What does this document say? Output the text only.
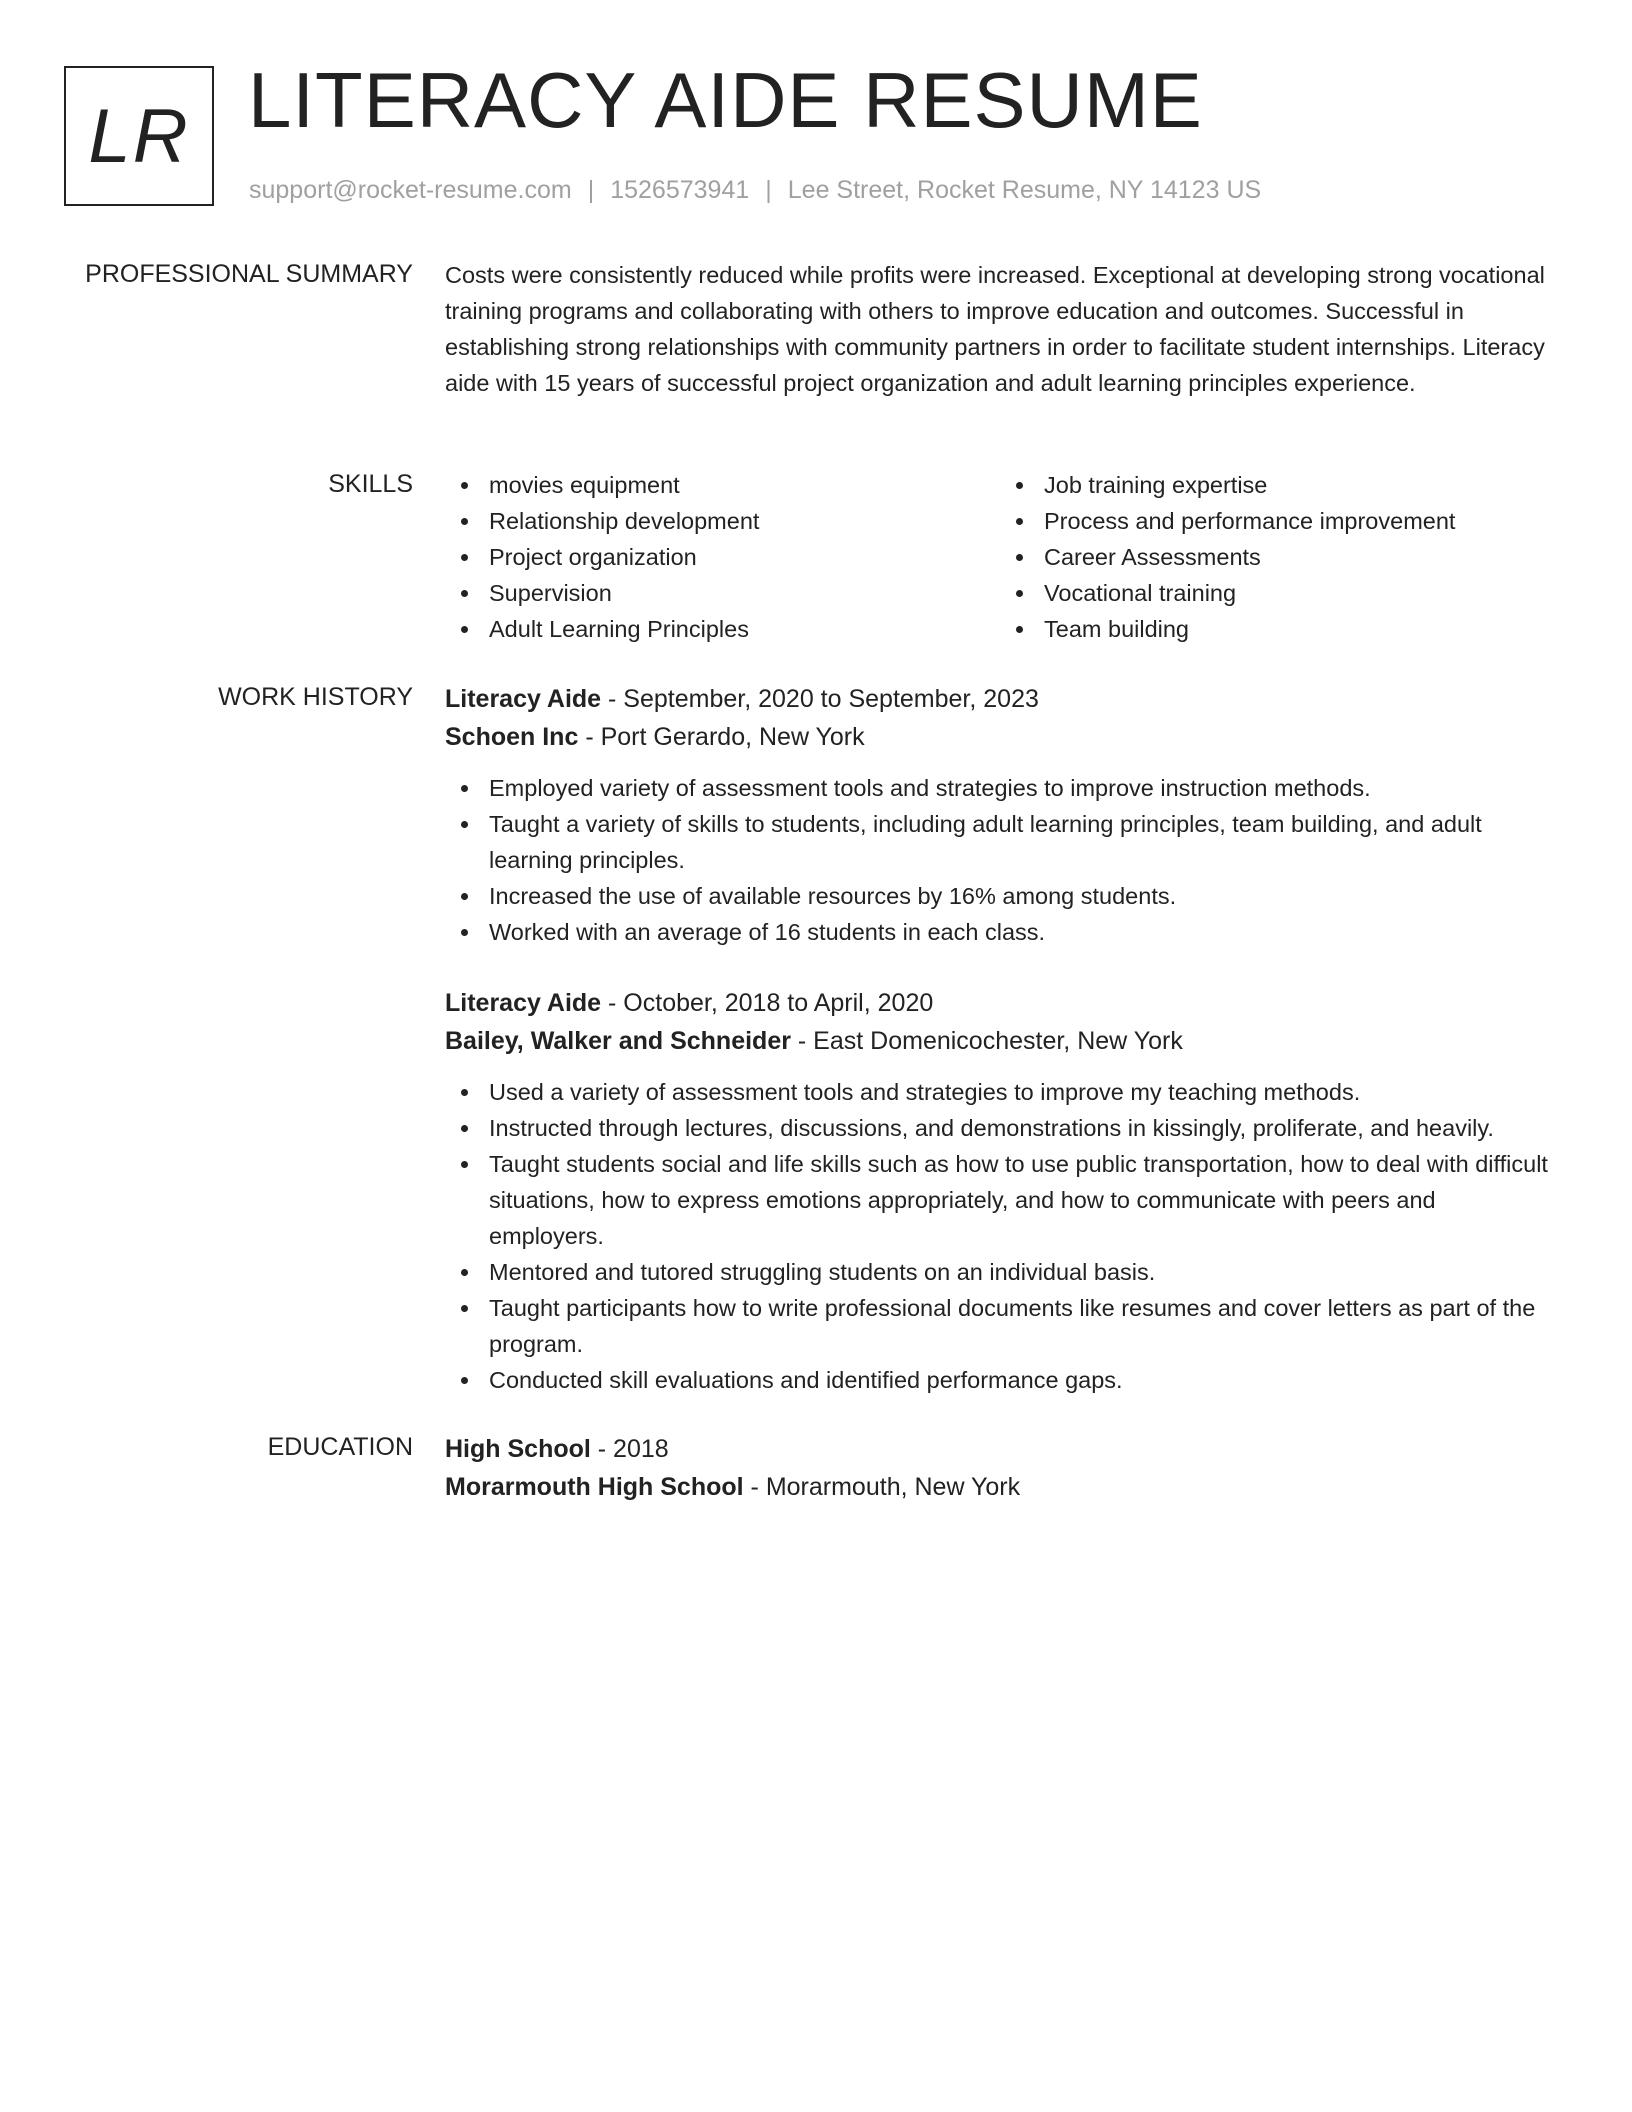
LR LITERACY AIDE RESUME
support@rocket-resume.com | 1526573941 | Lee Street, Rocket Resume, NY 14123 US
PROFESSIONAL SUMMARY Costs were consistently reduced while profits were increased. Exceptional at developing strong vocational training programs and collaborating with others to improve education and outcomes. Successful in establishing strong relationships with community partners in order to facilitate student internships. Literacy aide with 15 years of successful project organization and adult learning principles experience.

SKILLS	movies equipment
Relationship development
Project organization
Supervision
Adult Learning Principles
Job training expertise
Process and performance improvement
Career Assessments
Vocational training
Team building
WORK HISTORY Literacy Aide - September, 2020 to September, 2023
Schoen Inc - Port Gerardo, New York
Employed variety of assessment tools and strategies to improve instruction methods.
Taught a variety of skills to students, including adult learning principles, team building, and adult learning principles.
Increased the use of available resources by 16% among students.
Worked with an average of 16 students in each class.
Literacy Aide - October, 2018 to April, 2020
Bailey, Walker and Schneider - East Domenicochester, New York
Used a variety of assessment tools and strategies to improve my teaching methods.
Instructed through lectures, discussions, and demonstrations in kissingly, proliferate, and heavily.
Taught students social and life skills such as how to use public transportation, how to deal with difficult situations, how to express emotions appropriately, and how to communicate with peers and employers.
Mentored and tutored struggling students on an individual basis.
Taught participants how to write professional documents like resumes and cover letters as part of the program.
Conducted skill evaluations and identified performance gaps.
EDUCATION High School - 2018
Morarmouth High School - Morarmouth, New York
